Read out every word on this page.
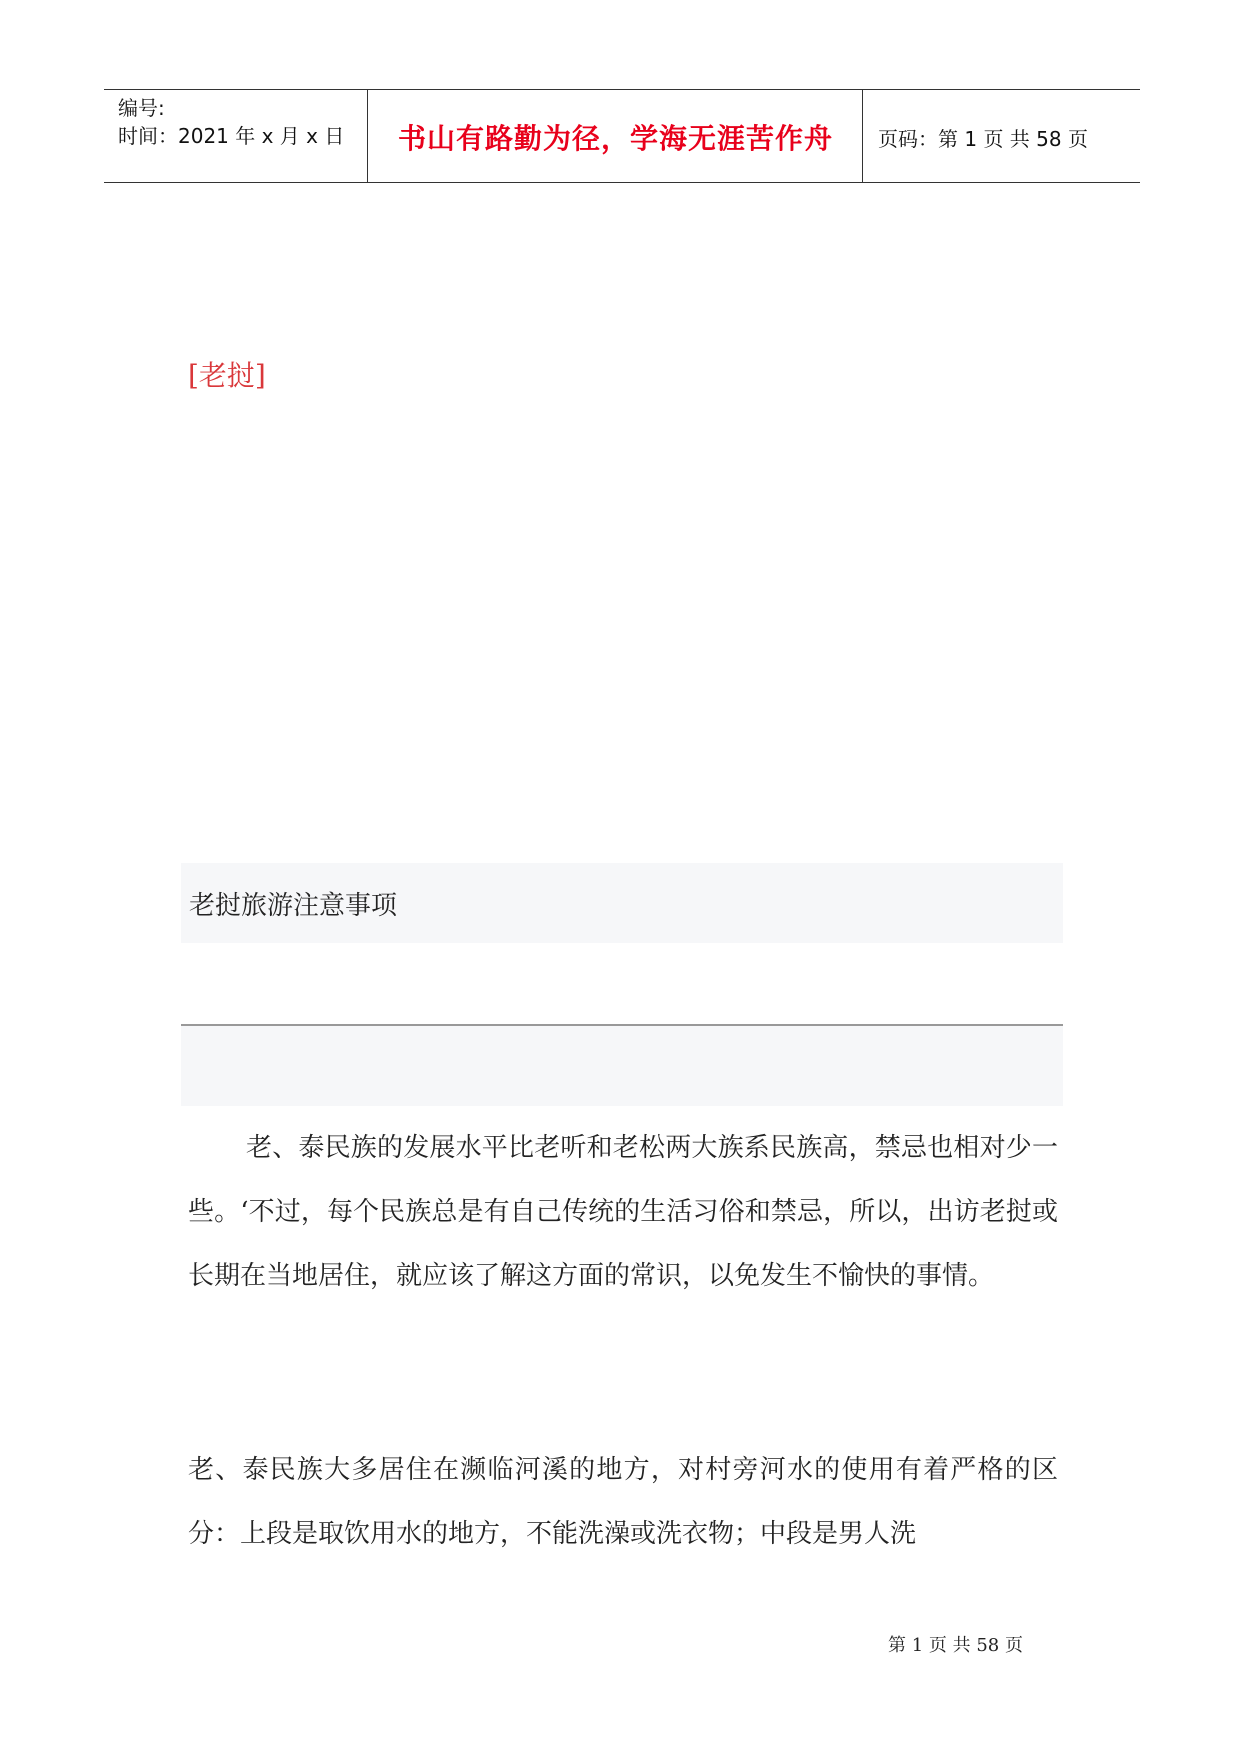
编号:
时间：2021 年 x 月 x 日	书山有路勤为径，学海无涯苦作舟	页码：第 1 页 共 58 页
[老挝]
老挝旅游注意事项
老、泰民族的发展水平比老听和老松两大族系民族高，禁忌也相对少一些。‘不过，每个民族总是有自己传统的生活习俗和禁忌，所以，出访老挝或长期在当地居住，就应该了解这方面的常识，以免发生不愉快的事情。
老、泰民族大多居住在濒临河溪的地方，对村旁河水的使用有着严格的区分：上段是取饮用水的地方，不能洗澡或洗衣物；中段是男人洗
第 1 页 共 58 页
